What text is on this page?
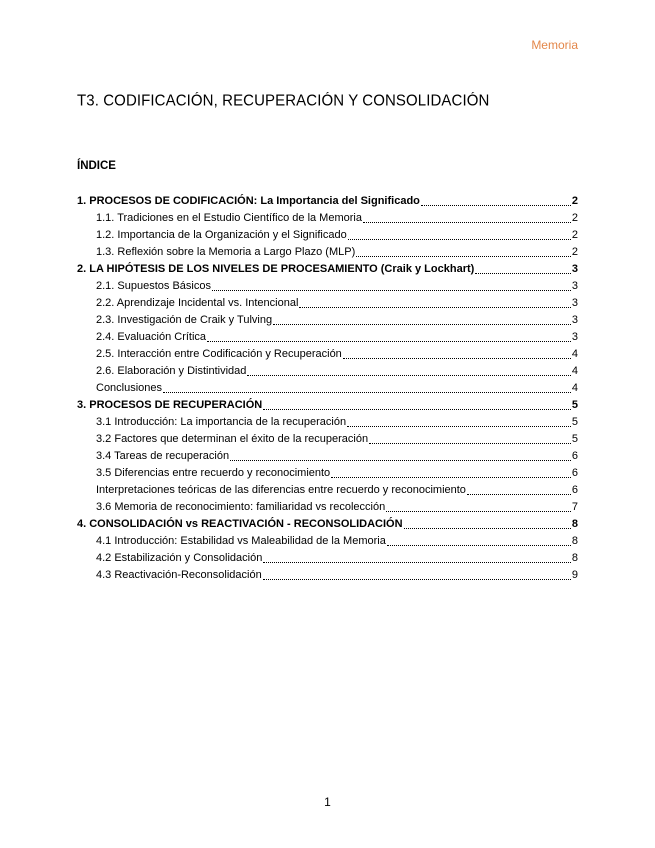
Memoria
T3. CODIFICACIÓN, RECUPERACIÓN Y CONSOLIDACIÓN
ÍNDICE
1. PROCESOS DE CODIFICACIÓN: La Importancia del Significado	2
1.1. Tradiciones en el Estudio Científico de la Memoria	2
1.2. Importancia de la Organización y el Significado	2
1.3. Reflexión sobre la Memoria a Largo Plazo (MLP)	2
2. LA HIPÓTESIS DE LOS NIVELES DE PROCESAMIENTO (Craik y Lockhart)	3
2.1. Supuestos Básicos	3
2.2. Aprendizaje Incidental vs. Intencional	3
2.3. Investigación de Craik y Tulving	3
2.4. Evaluación Crítica	3
2.5. Interacción entre Codificación y Recuperación	4
2.6. Elaboración y Distintividad	4
Conclusiones	4
3. PROCESOS DE RECUPERACIÓN	5
3.1 Introducción: La importancia de la recuperación	5
3.2 Factores que determinan el éxito de la recuperación	5
3.4 Tareas de recuperación	6
3.5 Diferencias entre recuerdo y reconocimiento	6
Interpretaciones teóricas de las diferencias entre recuerdo y reconocimiento	6
3.6 Memoria de reconocimiento: familiaridad vs recolección	7
4. CONSOLIDACIÓN vs REACTIVACIÓN - RECONSOLIDACIÓN	8
4.1 Introducción: Estabilidad vs Maleabilidad de la Memoria	8
4.2 Estabilización y Consolidación	8
4.3 Reactivación-Reconsolidación	9
1
